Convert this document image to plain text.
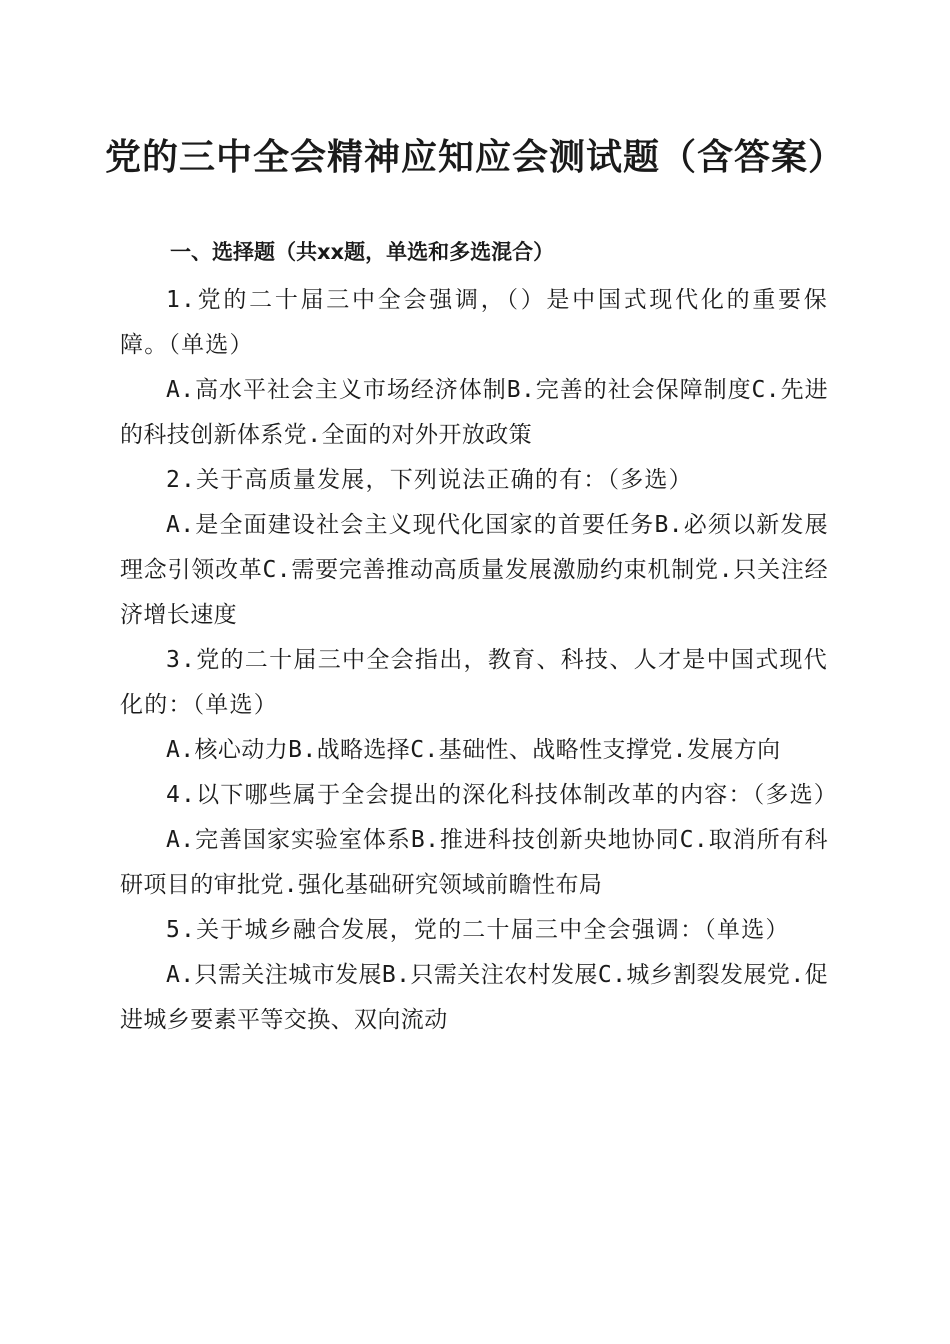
党的三中全会精神应知应会测试题（含答案）
一、选择题（共xx题，单选和多选混合）

1.党的二十届三中全会强调，（）是中国式现代化的重要保障。（单选）

A.高水平社会主义市场经济体制B.完善的社会保障制度C.先进的科技创新体系党.全面的对外开放政策

2.关于高质量发展，下列说法正确的有：（多选）

A.是全面建设社会主义现代化国家的首要任务B.必须以新发展理念引领改革C.需要完善推动高质量发展激励约束机制党.只关注经济增长速度

3.党的二十届三中全会指出，教育、科技、人才是中国式现代化的：（单选）

A.核心动力B.战略选择C.基础性、战略性支撑党.发展方向

4.以下哪些属于全会提出的深化科技体制改革的内容：（多选）

A.完善国家实验室体系B.推进科技创新央地协同C.取消所有科研项目的审批党.强化基础研究领域前瞻性布局

5.关于城乡融合发展，党的二十届三中全会强调：（单选）

A.只需关注城市发展B.只需关注农村发展C.城乡割裂发展党.促进城乡要素平等交换、双向流动
